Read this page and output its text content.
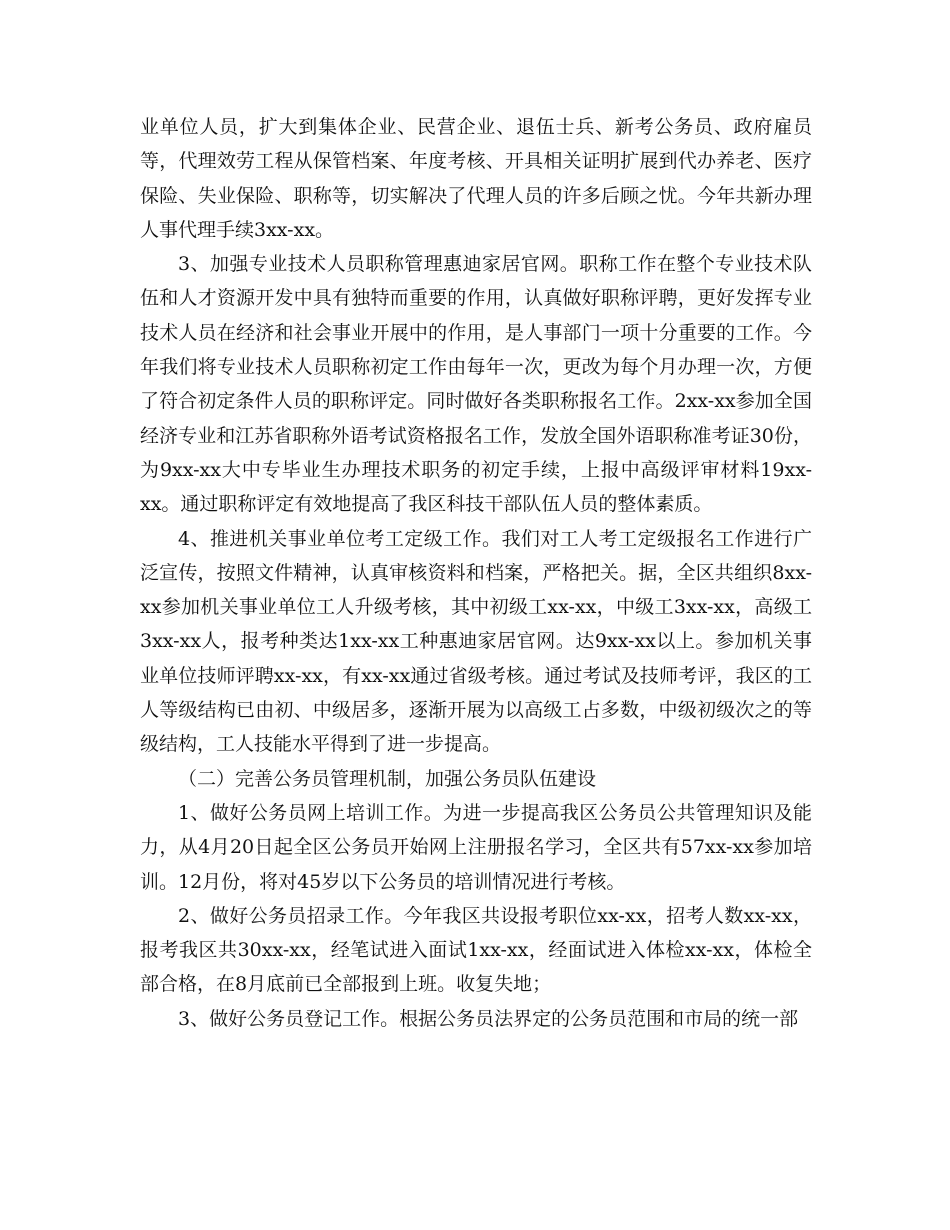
业单位人员，扩大到集体企业、民营企业、退伍士兵、新考公务员、政府雇员等，代理效劳工程从保管档案、年度考核、开具相关证明扩展到代办养老、医疗保险、失业保险、职称等，切实解决了代理人员的许多后顾之忧。今年共新办理人事代理手续3xx-xx。

3、加强专业技术人员职称管理惠迪家居官网。职称工作在整个专业技术队伍和人才资源开发中具有独特而重要的作用，认真做好职称评聘，更好发挥专业技术人员在经济和社会事业开展中的作用，是人事部门一项十分重要的工作。今年我们将专业技术人员职称初定工作由每年一次，更改为每个月办理一次，方便了符合初定条件人员的职称评定。同时做好各类职称报名工作。2xx-xx参加全国经济专业和江苏省职称外语考试资格报名工作，发放全国外语职称准考证30份，为9xx-xx大中专毕业生办理技术职务的初定手续，上报中高级评审材料19xx-xx。通过职称评定有效地提高了我区科技干部队伍人员的整体素质。

4、推进机关事业单位考工定级工作。我们对工人考工定级报名工作进行广泛宣传，按照文件精神，认真审核资料和档案，严格把关。据，全区共组织8xx-xx参加机关事业单位工人升级考核，其中初级工xx-xx，中级工3xx-xx，高级工3xx-xx人，报考种类达1xx-xx工种惠迪家居官网。达9xx-xx以上。参加机关事业单位技师评聘xx-xx，有xx-xx通过省级考核。通过考试及技师考评，我区的工人等级结构已由初、中级居多，逐渐开展为以高级工占多数，中级初级次之的等级结构，工人技能水平得到了进一步提高。

（二）完善公务员管理机制，加强公务员队伍建设

1、做好公务员网上培训工作。为进一步提高我区公务员公共管理知识及能力，从4月20日起全区公务员开始网上注册报名学习，全区共有57xx-xx参加培训。12月份，将对45岁以下公务员的培训情况进行考核。

2、做好公务员招录工作。今年我区共设报考职位xx-xx，招考人数xx-xx，报考我区共30xx-xx，经笔试进入面试1xx-xx，经面试进入体检xx-xx，体检全部合格，在8月底前已全部报到上班。收复失地；

3、做好公务员登记工作。根据公务员法界定的公务员范围和市局的统一部
